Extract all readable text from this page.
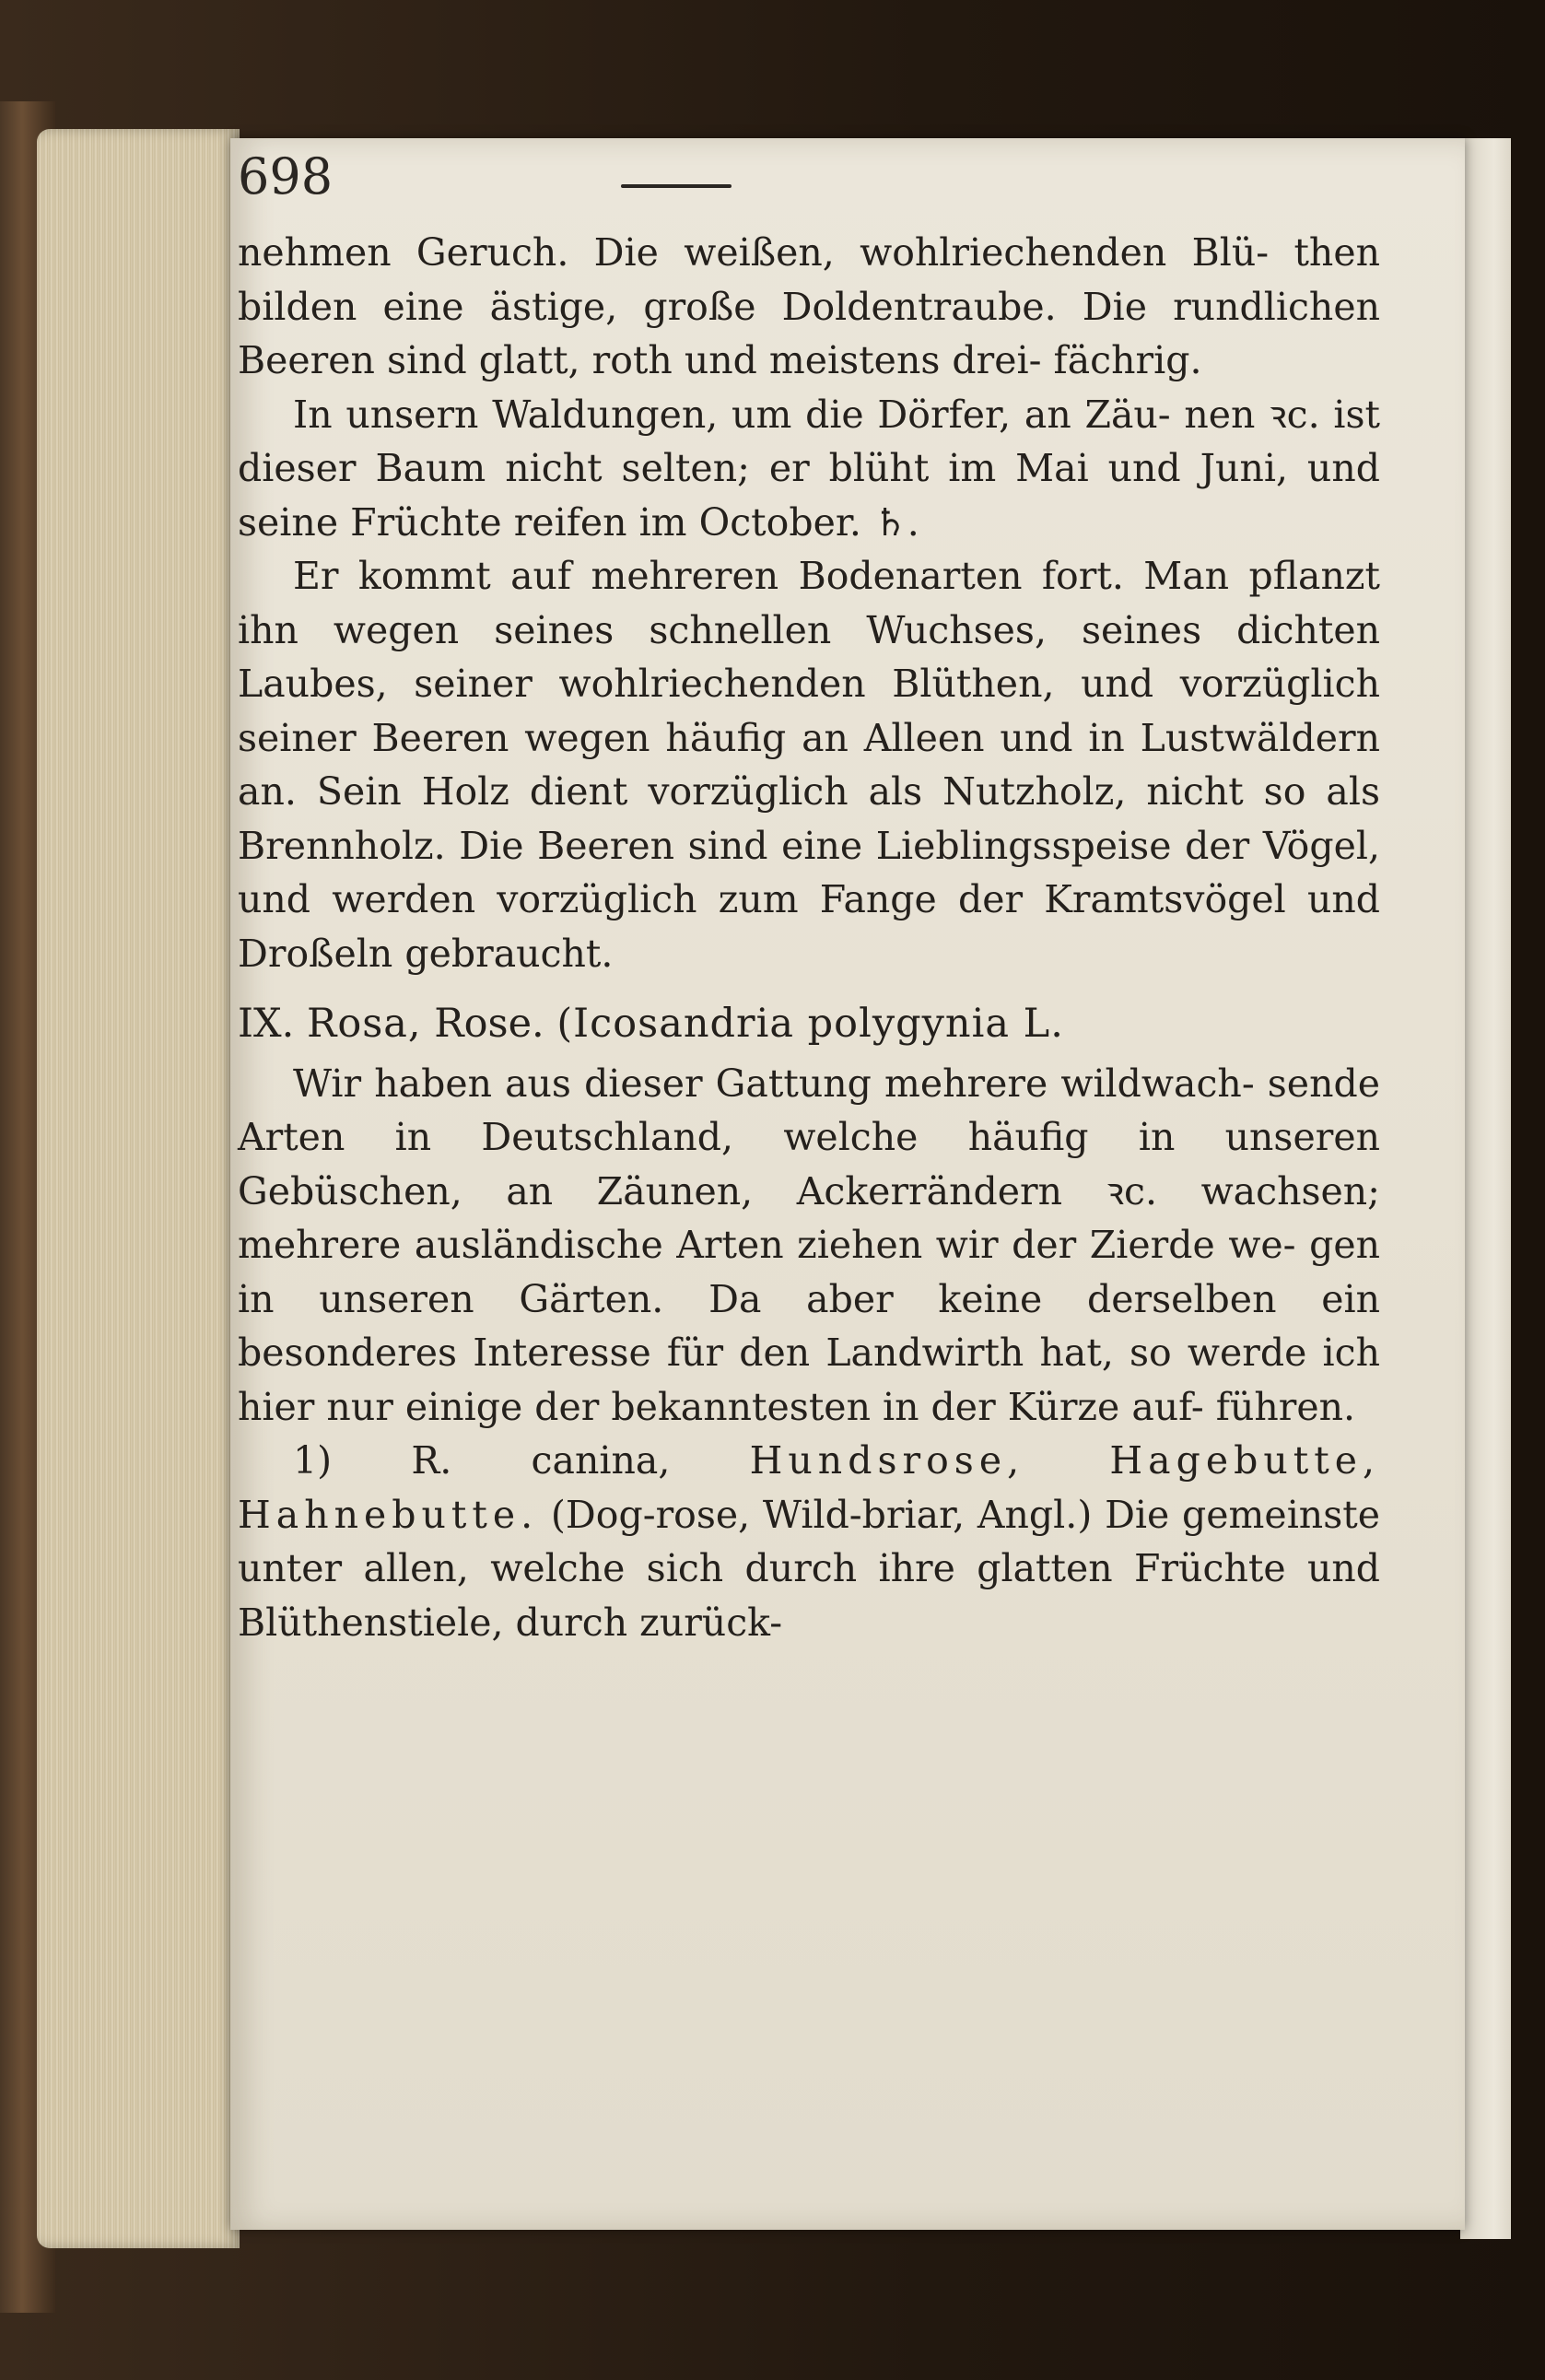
698

nehmen Geruch. Die weißen, wohlriechenden Blü- then bilden eine ästige, große Doldentraube. Die rundlichen Beeren sind glatt, roth und meistens drei- fächrig.

In unsern Waldungen, um die Dörfer, an Zäu- nen ꝛc. ist dieser Baum nicht selten; er blüht im Mai und Juni, und seine Früchte reifen im October. ♄.

Er kommt auf mehreren Bodenarten fort. Man pflanzt ihn wegen seines schnellen Wuchses, seines dichten Laubes, seiner wohlriechenden Blüthen, und vorzüglich seiner Beeren wegen häufig an Alleen und in Lustwäldern an. Sein Holz dient vorzüglich als Nutzholz, nicht so als Brennholz. Die Beeren sind eine Lieblingsspeise der Vögel, und werden vorzüglich zum Fange der Kramtsvögel und Droßeln gebraucht.

IX. Rosa, Rose. (Icosandria polygynia L.

Wir haben aus dieser Gattung mehrere wildwach- sende Arten in Deutschland, welche häufig in unseren Gebüschen, an Zäunen, Ackerrändern ꝛc. wachsen; mehrere ausländische Arten ziehen wir der Zierde we- gen in unseren Gärten. Da aber keine derselben ein besonderes Interesse für den Landwirth hat, so werde ich hier nur einige der bekanntesten in der Kürze auf- führen.

1) R. canina, Hundsrose, Hagebutte, Hahnebutte. (Dog-rose, Wild-briar, Angl.) Die gemeinste unter allen, welche sich durch ihre glatten Früchte und Blüthenstiele, durch zurück-
